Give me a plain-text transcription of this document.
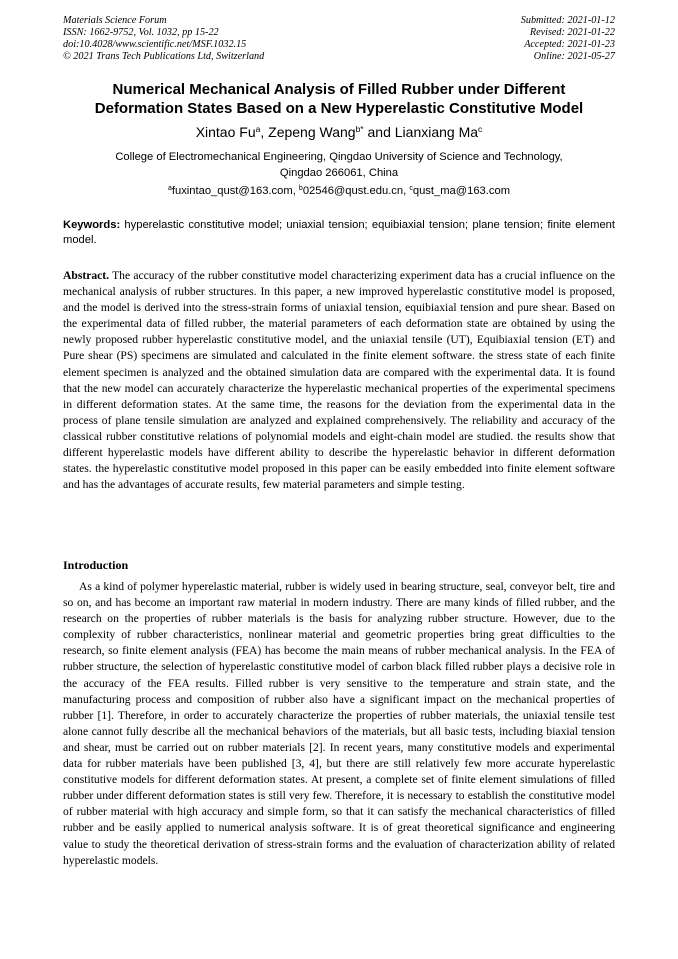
Materials Science Forum
ISSN: 1662-9752, Vol. 1032, pp 15-22
doi:10.4028/www.scientific.net/MSF.1032.15
© 2021 Trans Tech Publications Ltd, Switzerland
Submitted: 2021-01-12
Revised: 2021-01-22
Accepted: 2021-01-23
Online: 2021-05-27
Numerical Mechanical Analysis of Filled Rubber under Different
Deformation States Based on a New Hyperelastic Constitutive Model
Xintao Fu$^a$, Zepeng Wang$^{b*}$ and Lianxiang Ma$^c$
College of Electromechanical Engineering, Qingdao University of Science and Technology,
Qingdao 266061, China
$^a$fuxintao_qust@163.com, $^b$02546@qust.edu.cn, $^c$qust_ma@163.com
Keywords: hyperelastic constitutive model; uniaxial tension; equibiaxial tension; plane tension; finite element model.
Abstract. The accuracy of the rubber constitutive model characterizing experiment data has a crucial influence on the mechanical analysis of rubber structures. In this paper, a new improved hyperelastic constitutive model is proposed, and the model is derived into the stress-strain forms of uniaxial tension, equibiaxial tension and pure shear. Based on the experimental data of filled rubber, the material parameters of each deformation state are obtained by using the newly proposed rubber hyperelastic constitutive model, and the uniaxial tensile (UT), Equibiaxial tension (ET) and Pure shear (PS) specimens are simulated and calculated in the finite element software. the stress state of each finite element specimen is analyzed and the obtained simulation data are compared with the experimental data. It is found that the new model can accurately characterize the hyperelastic mechanical properties of the experimental specimens in different deformation states. At the same time, the reasons for the deviation from the experimental data in the process of plane tensile simulation are analyzed and explained comprehensively. The reliability and accuracy of the classical rubber constitutive relations of polynomial models and eight-chain model are studied. the results show that different hyperelastic models have different ability to describe the hyperelastic behavior in different deformation states. the hyperelastic constitutive model proposed in this paper can be easily embedded into finite element software and has the advantages of accurate results, few material parameters and simple testing.
Introduction
As a kind of polymer hyperelastic material, rubber is widely used in bearing structure, seal, conveyor belt, tire and so on, and has become an important raw material in modern industry. There are many kinds of filled rubber, and the research on the properties of rubber materials is the basis for analyzing rubber structure. However, due to the complexity of rubber characteristics, nonlinear material and geometric properties bring great difficulties to the research, so finite element analysis (FEA) has become the main means of rubber mechanical analysis. In the FEA of rubber structure, the selection of hyperelastic constitutive model of carbon black filled rubber plays a decisive role in the accuracy of the FEA results. Filled rubber is very sensitive to the temperature and strain state, and the manufacturing process and composition of rubber also have a significant impact on the mechanical properties of rubber [1]. Therefore, in order to accurately characterize the properties of rubber materials, the uniaxial tensile test alone cannot fully describe all the mechanical behaviors of the materials, but all basic tests, including biaxial tension and shear, must be carried out on rubber materials [2]. In recent years, many constitutive models and experimental data for rubber materials have been published [3, 4], but there are still relatively few more accurate hyperelastic constitutive models for different deformation states. At present, a complete set of finite element simulations of filled rubber under different deformation states is still very few. Therefore, it is necessary to establish the constitutive model of rubber material with high accuracy and simple form, so that it can satisfy the mechanical characteristics of filled rubber and be easily applied to numerical analysis software. It is of great theoretical significance and engineering value to study the theoretical derivation of stress-strain forms and the evaluation of characterization ability of related hyperelastic models.
